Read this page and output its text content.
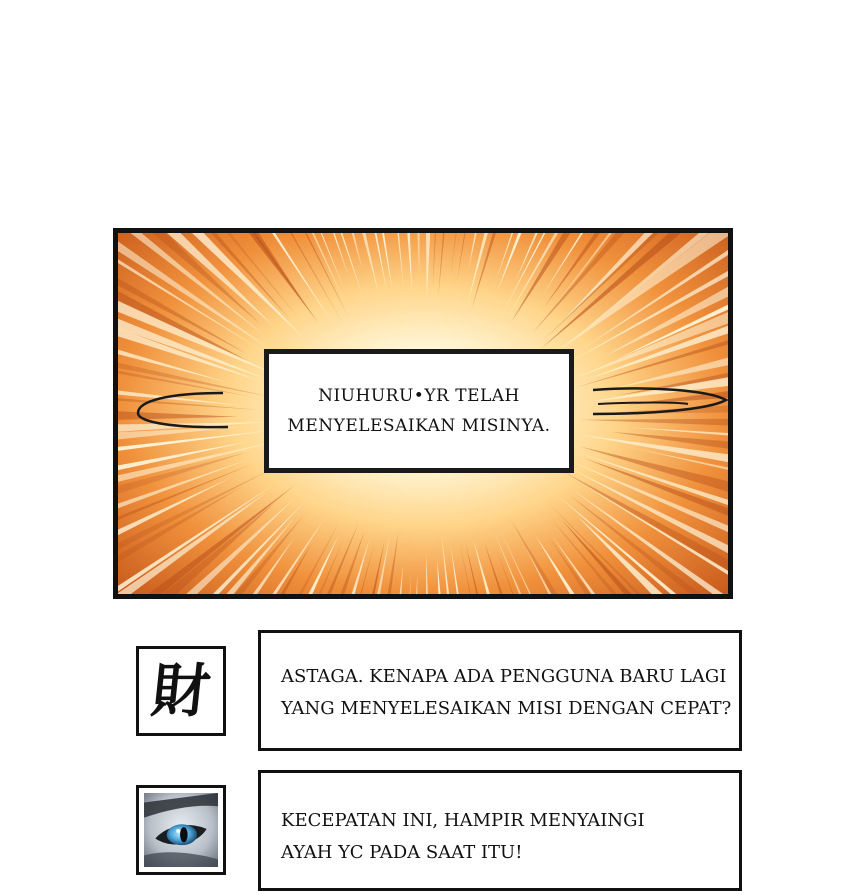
NIUHURU•YR TELAH
MENYELESAIKAN MISINYA.
財	ASTAGA. KENAPA ADA PENGGUNA BARU LAGI
YANG MENYELESAIKAN MISI DENGAN CEPAT?
KECEPATAN INI, HAMPIR MENYAINGI
AYAH YC PADA SAAT ITU!
